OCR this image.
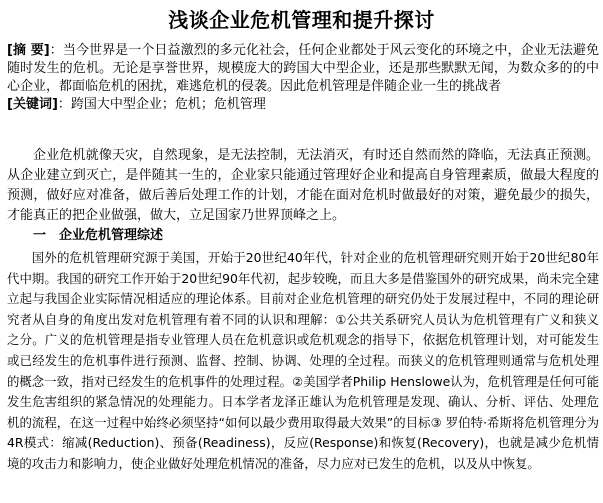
浅谈企业危机管理和提升探讨

[摘 要]：当今世界是一个日益激烈的多元化社会，任何企业都处于风云变化的环境之中，企业无法避免随时发生的危机。无论是享誉世界，规模庞大的跨国大中型企业，还是那些默默无闻，为数众多的的中心企业，都面临危机的困扰，难逃危机的侵袭。因此危机管理是伴随企业一生的挑战者

[关键词]：跨国大中型企业；危机；危机管理

企业危机就像天灾，自然现象，是无法控制，无法消灭，有时还自然而然的降临，无法真正预测。从企业建立到灭亡，是伴随其一生的，企业家只能通过管理好企业和提高自身管理素质，做最大程度的预测，做好应对准备，做后善后处理工作的计划，才能在面对危机时做最好的对策，避免最少的损失，才能真正的把企业做强，做大，立足国家乃世界顶峰之上。

一　企业危机管理综述

国外的危机管理研究源于美国，开始于20世纪40年代，针对企业的危机管理研究则开始于20世纪80年代中期。我国的研究工作开始于20世纪90年代初，起步较晚，而且大多是借鉴国外的研究成果，尚未完全建立起与我国企业实际情况相适应的理论体系。目前对企业危机管理的研究仍处于发展过程中，不同的理论研究者从自身的角度出发对危机管理有着不同的认识和理解：①公共关系研究人员认为危机管理有广义和狭义之分。广义的危机管理是指专业管理人员在危机意识或危机观念的指导下，依据危机管理计划，对可能发生或已经发生的危机事件进行预测、监督、控制、协调、处理的全过程。而狭义的危机管理则通常与危机处理的概念一致，指对已经发生的危机事件的处理过程。②美国学者Philip Henslowe认为，危机管理是任何可能发生危害组织的紧急情况的处理能力。日本学者龙泽正雄认为危机管理是发现、确认、分析、评估、处理危机的流程，在这一过程中始终必须坚持“如何以最少费用取得最大效果”的目标③ 罗伯特·希斯将危机管理分为4R模式：缩减(Reduction)、预备(Readiness)，反应(Response)和恢复(Recovery)，也就是减少危机情境的攻击力和影响力，使企业做好处理危机情况的准备，尽力应对已发生的危机，以及从中恢复。
